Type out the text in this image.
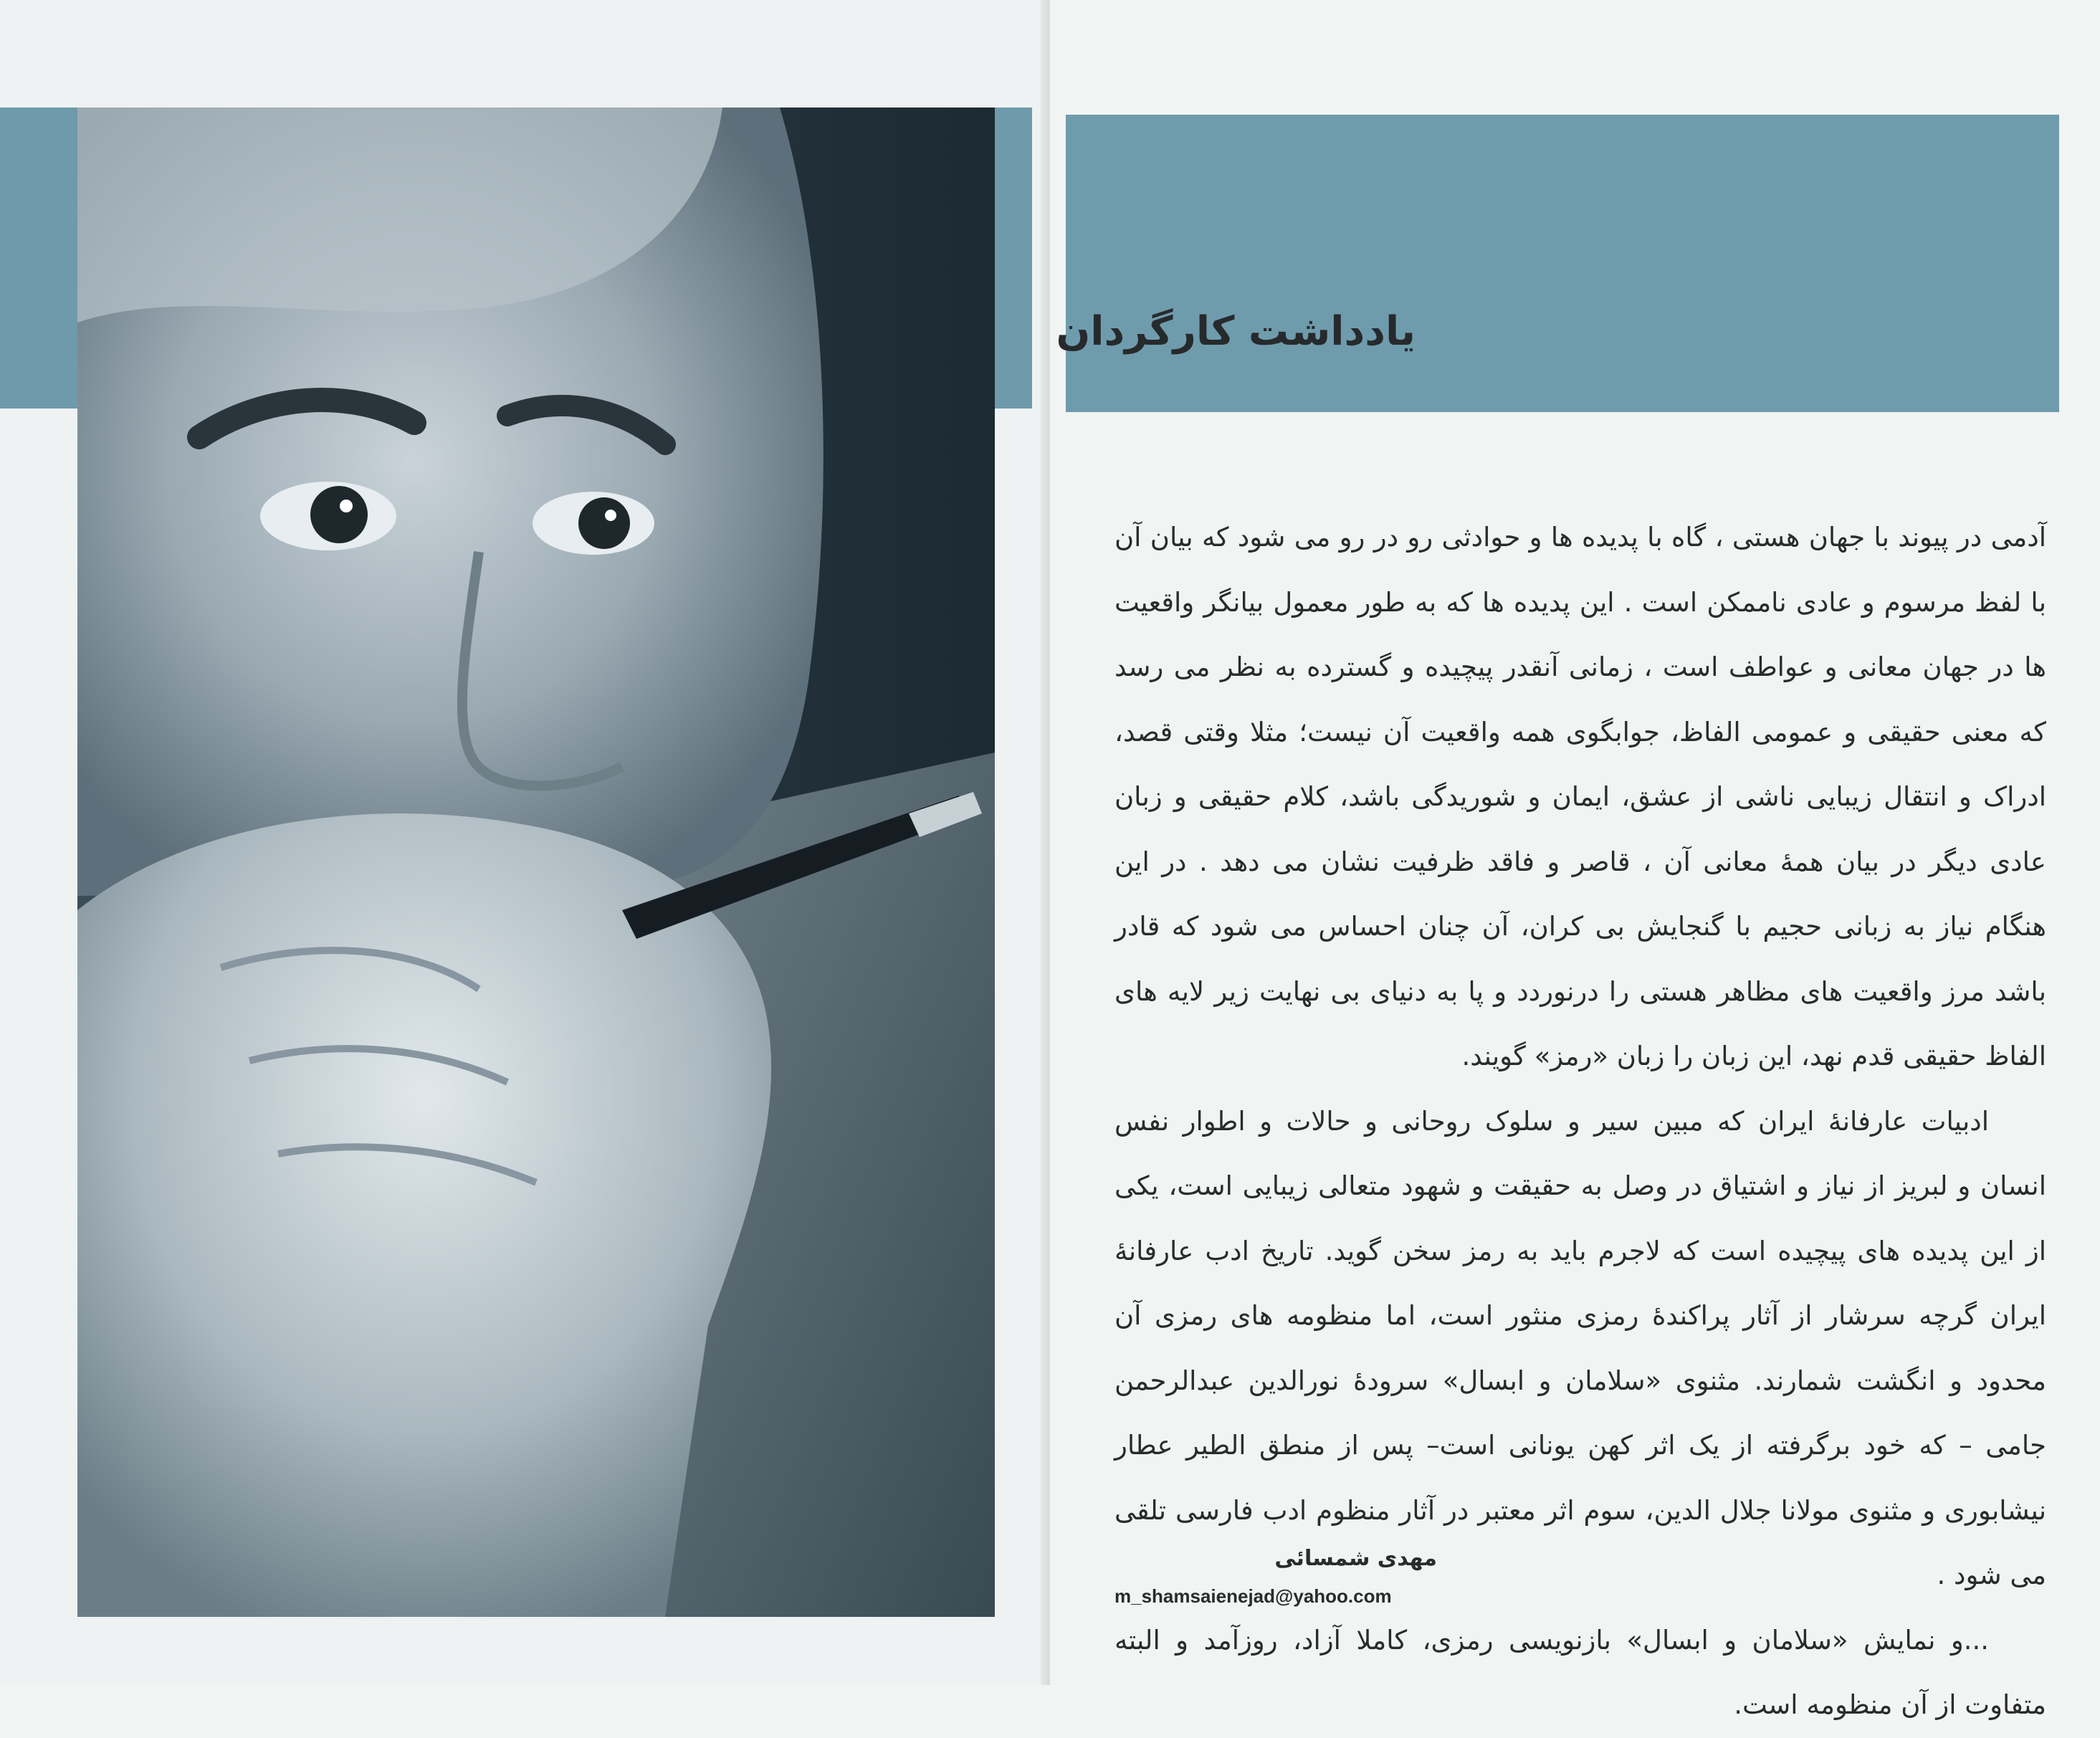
یادداشت کارگردان

آدمی در پیوند با جهان هستی ، گاه با پدیده ها و حوادثی رو در رو می شود که بیان آن با لفظ مرسوم و عادی ناممکن است . این پدیده ها که به طور معمول بیانگر واقعیت ها در جهان معانی و عواطف است ، زمانی آنقدر پیچیده و گسترده به نظر می رسد که معنی حقیقی و عمومی الفاظ، جوابگوی همه واقعیت آن نیست؛ مثلا وقتی قصد، ادراک و انتقال زیبایی ناشی از عشق، ایمان و شوریدگی باشد، کلام حقیقی و زبان عادی دیگر در بیان همهٔ معانی آن ، قاصر و فاقد ظرفیت نشان می دهد . در این هنگام نیاز به زبانی حجیم با گنجایش بی کران، آن چنان احساس می شود که قادر باشد مرز واقعیت های مظاهر هستی را درنوردد و پا به دنیای بی نهایت زیر لایه های الفاظ حقیقی قدم نهد، این زبان را زبان «رمز» گویند.

ادبیات عارفانهٔ ایران که مبین سیر و سلوک روحانی و حالات و اطوار نفس انسان و لبریز از نیاز و اشتیاق در وصل به حقیقت و شهود متعالی زیبایی است، یکی از این پدیده های پیچیده است که لاجرم باید به رمز سخن گوید. تاریخ ادب عارفانهٔ ایران گرچه سرشار از آثار پراکندهٔ رمزی منثور است، اما منظومه های رمزی آن محدود و انگشت شمارند. مثنوی «سلامان و ابسال» سرودهٔ نورالدین عبدالرحمن جامی – که خود برگرفته از یک اثر کهن یونانی است– پس از منطق الطیر عطار نیشابوری و مثنوی مولانا جلال الدین، سوم اثر معتبر در آثار منظوم ادب فارسی تلقی می شود .

...و نمایش «سلامان و ابسال» بازنویسی رمزی، کاملا آزاد، روزآمد و البته متفاوت از آن منظومه است.

مهدی شمسائی
m_shamsaienejad@yahoo.com
